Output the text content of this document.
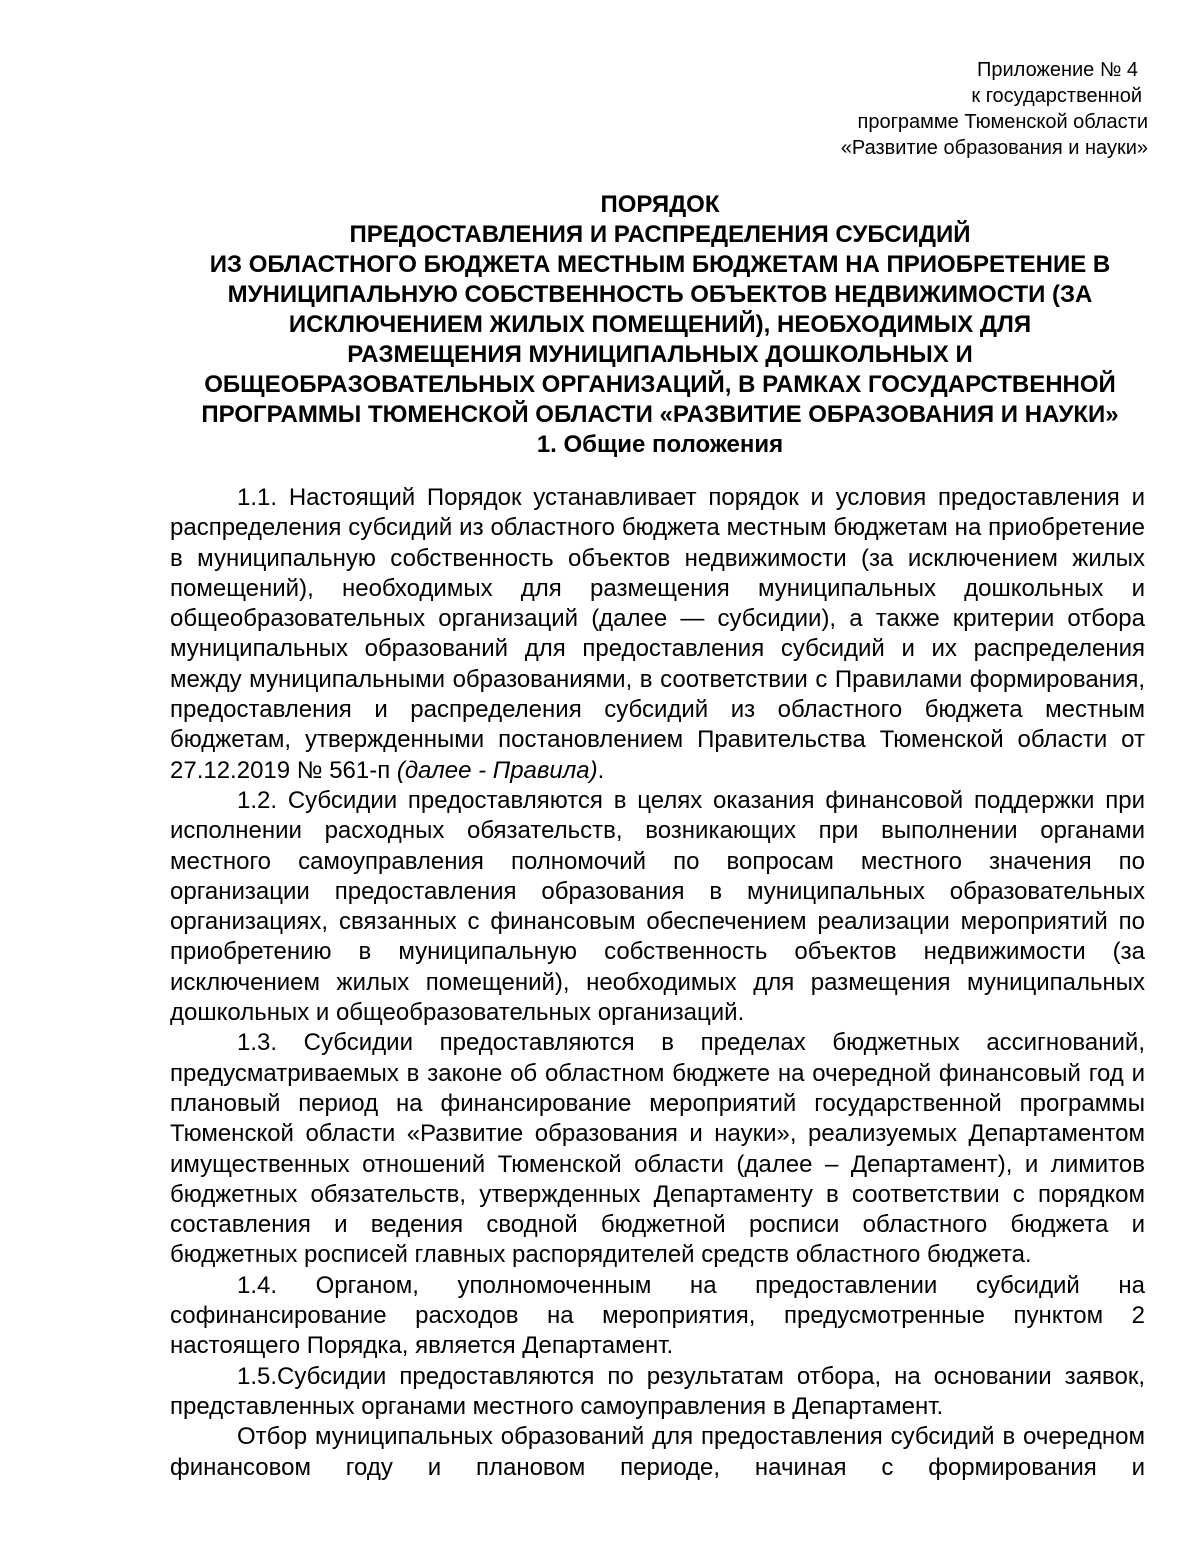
Приложение № 4
к государственной
программе Тюменской области
«Развитие образования и науки»
ПОРЯДОК
ПРЕДОСТАВЛЕНИЯ И РАСПРЕДЕЛЕНИЯ СУБСИДИЙ
ИЗ ОБЛАСТНОГО БЮДЖЕТА МЕСТНЫМ БЮДЖЕТАМ НА ПРИОБРЕТЕНИЕ В
МУНИЦИПАЛЬНУЮ СОБСТВЕННОСТЬ ОБЪЕКТОВ НЕДВИЖИМОСТИ (ЗА
ИСКЛЮЧЕНИЕМ ЖИЛЫХ ПОМЕЩЕНИЙ), НЕОБХОДИМЫХ ДЛЯ
РАЗМЕЩЕНИЯ МУНИЦИПАЛЬНЫХ ДОШКОЛЬНЫХ И
ОБЩЕОБРАЗОВАТЕЛЬНЫХ ОРГАНИЗАЦИЙ, В РАМКАХ ГОСУДАРСТВЕННОЙ
ПРОГРАММЫ ТЮМЕНСКОЙ ОБЛАСТИ «РАЗВИТИЕ ОБРАЗОВАНИЯ И НАУКИ»
1. Общие положения

1.1. Настоящий Порядок устанавливает порядок и условия предоставления и распределения субсидий из областного бюджета местным бюджетам на приобретение в муниципальную собственность объектов недвижимости (за исключением жилых помещений), необходимых для размещения муниципальных дошкольных и общеобразовательных организаций (далее — субсидии), а также критерии отбора муниципальных образований для предоставления субсидий и их распределения между муниципальными образованиями, в соответствии с Правилами формирования, предоставления и распределения субсидий из областного бюджета местным бюджетам, утвержденными постановлением Правительства Тюменской области от 27.12.2019 № 561-п (далее - Правила).

1.2. Субсидии предоставляются в целях оказания финансовой поддержки при исполнении расходных обязательств, возникающих при выполнении органами местного самоуправления полномочий по вопросам местного значения по организации предоставления образования в муниципальных образовательных организациях, связанных с финансовым обеспечением реализации мероприятий по приобретению в муниципальную собственность объектов недвижимости (за исключением жилых помещений), необходимых для размещения муниципальных дошкольных и общеобразовательных организаций.

1.3. Субсидии предоставляются в пределах бюджетных ассигнований, предусматриваемых в законе об областном бюджете на очередной финансовый год и плановый период на финансирование мероприятий государственной программы Тюменской области «Развитие образования и науки», реализуемых Департаментом имущественных отношений Тюменской области (далее – Департамент), и лимитов бюджетных обязательств, утвержденных Департаменту в соответствии с порядком составления и ведения сводной бюджетной росписи областного бюджета и бюджетных росписей главных распорядителей средств областного бюджета.

1.4. Органом, уполномоченным на предоставлении субсидий на софинансирование расходов на мероприятия, предусмотренные пунктом 2 настоящего Порядка, является Департамент.

1.5.Субсидии предоставляются по результатам отбора, на основании заявок, представленных органами местного самоуправления в Департамент.

Отбор муниципальных образований для предоставления субсидий в очередном финансовом году и плановом периоде, начиная с формирования и
